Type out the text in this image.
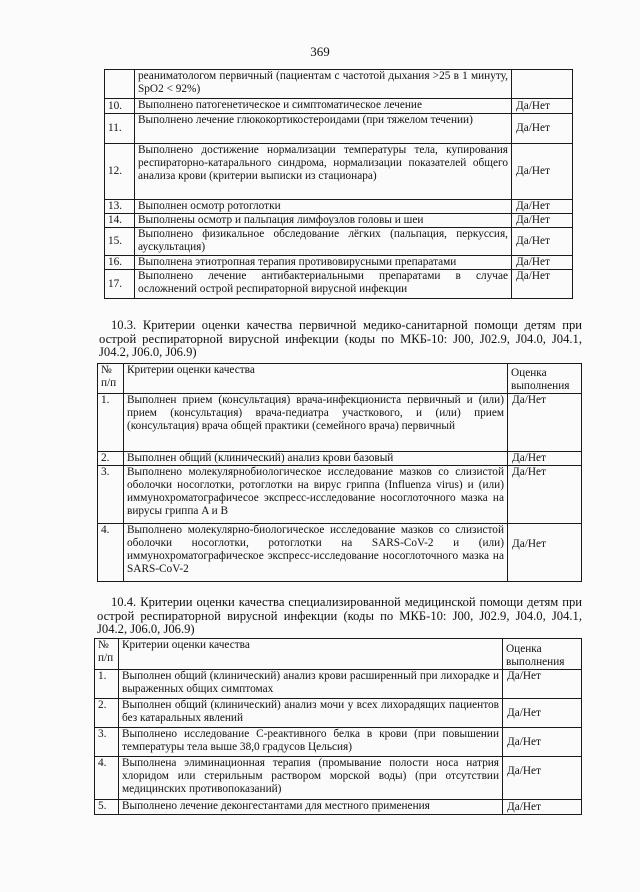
369
	реаниматологом первичный (пациентам с частотой дыхания >25 в 1 минуту, SpO2 < 92%)	
10.	Выполнено патогенетическое и симптоматическое лечение	Да/Нет
11.	Выполнено лечение глюкокортикостероидами (при тяжелом течении)	Да/Нет
12.	Выполнено достижение нормализации температуры тела, купирования респираторно-катарального синдрома, нормализации показателей общего анализа крови (критерии выписки из стационара)	Да/Нет
13.	Выполнен осмотр ротоглотки	Да/Нет
14.	Выполнены осмотр и пальпация лимфоузлов головы и шеи	Да/Нет
15.	Выполнено физикальное обследование лёгких (пальпация, перкуссия, аускультация)	Да/Нет
16.	Выполнена этиотропная терапия противовирусными препаратами	Да/Нет
17.	Выполнено лечение антибактериальными препаратами в случае осложнений острой респираторной вирусной инфекции	Да/Нет
10.3. Критерии оценки качества первичной медико-санитарной помощи детям при острой респираторной вирусной инфекции (коды по МКБ-10: J00, J02.9, J04.0, J04.1, J04.2, J06.0, J06.9)
№ п/п	Критерии оценки качества	Оценка выполнения
1.	Выполнен прием (консультация) врача-инфекциониста первичный и (или) прием (консультация) врача-педиатра участкового, и (или) прием (консультация) врача общей практики (семейного врача) первичный	Да/Нет
2.	Выполнен общий (клинический) анализ крови базовый	Да/Нет
3.	Выполнено молекулярнобиологическое исследование мазков со слизистой оболочки носоглотки, ротоглотки на вирус гриппа (Influenza virus) и (или) иммунохроматографичесое экспресс-исследование носоглоточного мазка на вирусы гриппа A и B	Да/Нет
4.	Выполнено молекулярно-биологическое исследование мазков со слизистой оболочки носоглотки, ротоглотки на SARS-CoV-2 и (или) иммунохроматографическое экспресс-исследование носоглоточного мазка на SARS-CoV-2	Да/Нет
10.4. Критерии оценки качества специализированной медицинской помощи детям при острой респираторной вирусной инфекции (коды по МКБ-10: J00, J02.9, J04.0, J04.1, J04.2, J06.0, J06.9)
№ п/п	Критерии оценки качества	Оценка выполнения
1.	Выполнен общий (клинический) анализ крови расширенный при лихорадке и выраженных общих симптомах	Да/Нет
2.	Выполнен общий (клинический) анализ мочи у всех лихорадящих пациентов без катаральных явлений	Да/Нет
3.	Выполнено исследование C-реактивного белка в крови (при повышении температуры тела выше 38,0 градусов Цельсия)	Да/Нет
4.	Выполнена элиминационная терапия (промывание полости носа натрия хлоридом или стерильным раствором морской воды) (при отсутствии медицинских противопоказаний)	Да/Нет
5.	Выполнено лечение деконгестантами для местного применения	Да/Нет
